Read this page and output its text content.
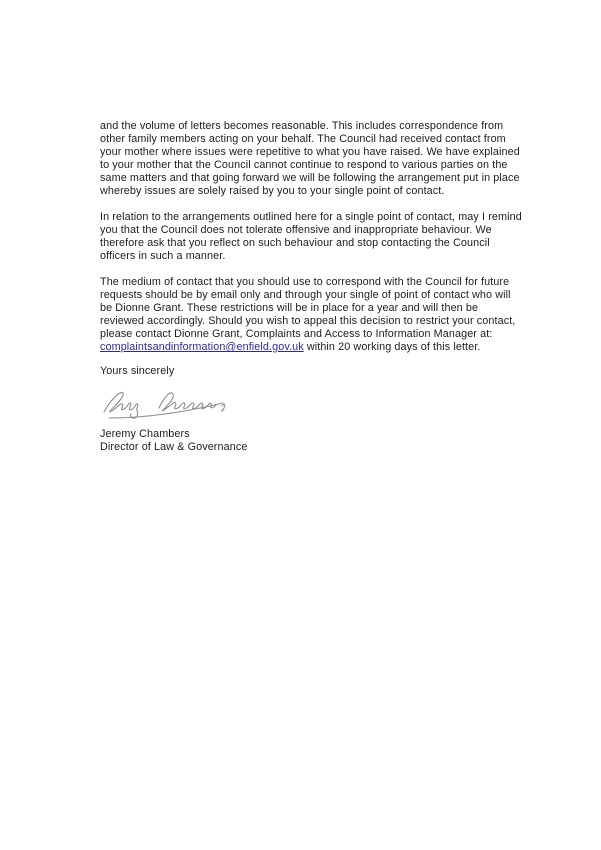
and the volume of letters becomes reasonable. This includes correspondence from
other family members acting on your behalf. The Council had received contact from
your mother where issues were repetitive to what you have raised. We have explained
to your mother that the Council cannot continue to respond to various parties on the
same matters and that going forward we will be following the arrangement put in place
whereby issues are solely raised by you to your single point of contact.

In relation to the arrangements outlined here for a single point of contact, may I remind
you that the Council does not tolerate offensive and inappropriate behaviour. We
therefore ask that you reflect on such behaviour and stop contacting the Council
officers in such a manner.

The medium of contact that you should use to correspond with the Council for future
requests should be by email only and through your single of point of contact who will
be Dionne Grant. These restrictions will be in place for a year and will then be
reviewed accordingly. Should you wish to appeal this decision to restrict your contact,
please contact Dionne Grant, Complaints and Access to Information Manager at:
complaintsandinformation@enfield.gov.uk within 20 working days of this letter.

Yours sincerely

Jeremy Chambers

Director of Law & Governance
